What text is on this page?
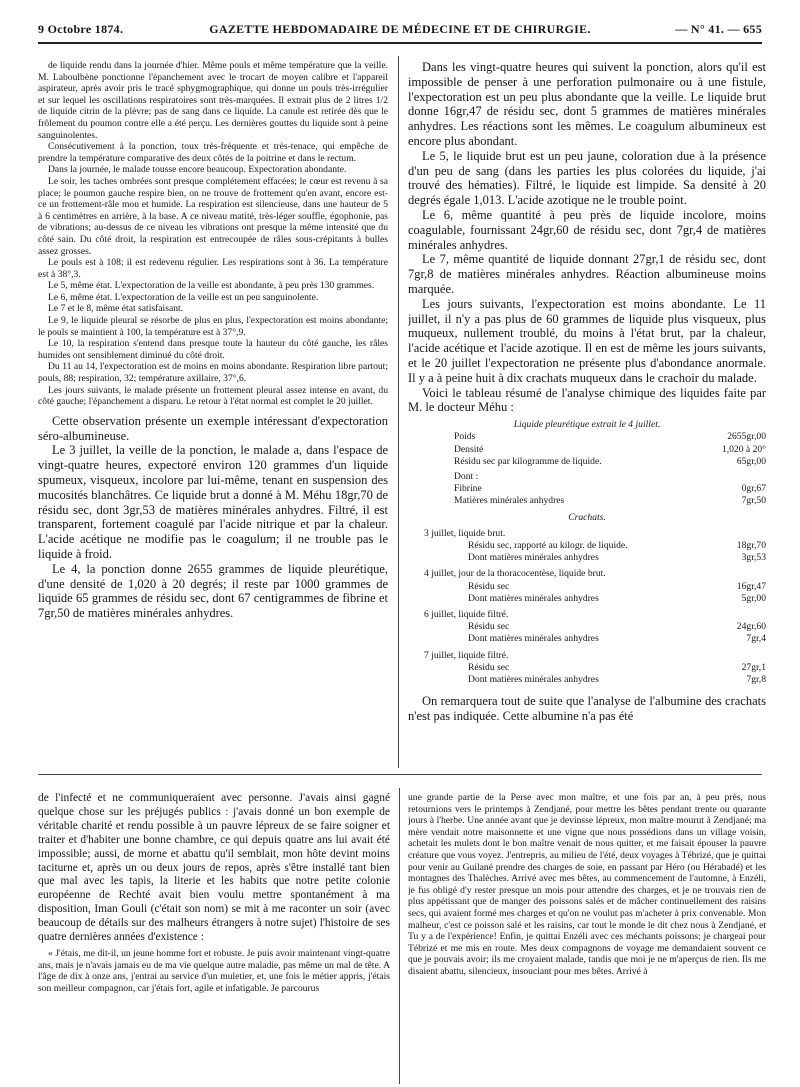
9 Octobre 1874.	GAZETTE HEBDOMADAIRE DE MÉDECINE ET DE CHIRURGIE.	— N° 41. — 655

de liquide rendu dans la journée d'hier. Même pouls et même température que la veille. M. Laboulbène ponctionne l'épanchement avec le trocart de moyen calibre et l'appareil aspirateur, après avoir pris le tracé sphygmographique, qui donne un pouls très-irrégulier et sur lequel les oscillations respiratoires sont très-marquées. Il extrait plus de 2 litres 1/2 de liquide citrin de la plèvre; pas de sang dans ce liquide. La canule est retirée dès que le frôlement du poumon contre elle a été perçu. Les dernières gouttes du liquide sont à peine sanguinolentes.

Consécutivement à la ponction, toux très-fréquente et très-tenace, qui empêche de prendre la température comparative des deux côtés de la poitrine et dans le rectum.

Dans la journée, le malade tousse encore beaucoup. Expectoration abondante.

Le soir, les taches ombrées sont presque complétement effacées; le cœur est revenu à sa place; le poumon gauche respire bien, on ne trouve de frottement qu'en avant, encore est-ce un frottement-râle mou et humide. La respiration est silencieuse, dans une hauteur de 5 à 6 centimètres en arrière, à la base. A ce niveau matité, très-léger souffle, égophonie, pas de vibrations; au-dessus de ce niveau les vibrations ont presque la même intensité que du côté sain. Du côté droit, la respiration est entrecoupée de râles sous-crépitants à bulles assez grosses.

Le pouls est à 108; il est redevenu régulier. Les respirations sont à 36. La température est à 38°,3.

Le 5, même état. L'expectoration de la veille est abondante, à peu près 130 grammes.

Le 6, même état. L'expectoration de la veille est un peu sanguinolente.

Le 7 et le 8, même état satisfaisant.

Le 9, le liquide pleural se résorbe de plus en plus, l'expectoration est moins abondante; le pouls se maintient à 100, la température est à 37°,9.

Le 10, la respiration s'entend dans presque toute la hauteur du côté gauche, les râles humides ont sensiblement diminué du côté droit.

Du 11 au 14, l'expectoration est de moins en moins abondante. Respiration libre partout; pouls, 88; respiration, 32; température axillaire, 37°,6.

Les jours suivants, le malade présente un frottement pleural assez intense en avant, du côté gauche; l'épanchement a disparu. Le retour à l'état normal est complet le 20 juillet.

Cette observation présente un exemple intéressant d'expectoration séro-albumineuse.

Le 3 juillet, la veille de la ponction, le malade a, dans l'espace de vingt-quatre heures, expectoré environ 120 grammes d'un liquide spumeux, visqueux, incolore par lui-même, tenant en suspension des mucosités blanchâtres. Ce liquide brut a donné à M. Méhu 18gr,70 de résidu sec, dont 3gr,53 de matières minérales anhydres. Filtré, il est transparent, fortement coagulé par l'acide nitrique et par la chaleur. L'acide acétique ne modifie pas le coagulum; il ne trouble pas le liquide à froid.

Le 4, la ponction donne 2655 grammes de liquide pleurétique, d'une densité de 1,020 à 20 degrés; il reste par 1000 grammes de liquide 65 grammes de résidu sec, dont 67 centigrammes de fibrine et 7gr,50 de matières minérales anhydres.

Dans les vingt-quatre heures qui suivent la ponction, alors qu'il est impossible de penser à une perforation pulmonaire ou à une fistule, l'expectoration est un peu plus abondante que la veille. Le liquide brut donne 16gr,47 de résidu sec, dont 5 grammes de matières minérales anhydres. Les réactions sont les mêmes. Le coagulum albumineux est encore plus abondant.

Le 5, le liquide brut est un peu jaune, coloration due à la présence d'un peu de sang (dans les parties les plus colorées du liquide, j'ai trouvé des hématies). Filtré, le liquide est limpide. Sa densité à 20 degrés égale 1,013. L'acide azotique ne le trouble point.

Le 6, même quantité à peu près de liquide incolore, moins coagulable, fournissant 24gr,60 de résidu sec, dont 7gr,4 de matières minérales anhydres.

Le 7, même quantité de liquide donnant 27gr,1 de résidu sec, dont 7gr,8 de matières minérales anhydres. Réaction albumineuse moins marquée.

Les jours suivants, l'expectoration est moins abondante. Le 11 juillet, il n'y a pas plus de 60 grammes de liquide plus visqueux, plus muqueux, nullement troublé, du moins à l'état brut, par la chaleur, l'acide acétique et l'acide azotique. Il en est de même les jours suivants, et le 20 juillet l'expectoration ne présente plus d'abondance anormale. Il y a à peine huit à dix crachats muqueux dans le crachoir du malade.

Voici le tableau résumé de l'analyse chimique des liquides faite par M. le docteur Méhu :

Liquide pleurétique extrait le 4 juillet.
Poids	2655gr,00
Densité	1,020 à 20°
Résidu sec par kilogramme de liquide.	65gr,00
Dont :
Fibrine	0gr,67
Matières minérales anhydres	7gr,50
Crachats.
3 juillet, liquide brut.
Résidu sec, rapporté au kilogr. de liquide.	18gr,70
Dont matières minérales anhydres	3gr,53
4 juillet, jour de la thoracocentèse, liquide brut.
Résidu sec	16gr,47
Dont matières minérales anhydres	5gr,00
6 juillet, liquide filtré.
Résidu sec	24gr,60
Dont matières minérales anhydres	7gr,4
7 juillet, liquide filtré.
Résidu sec	27gr,1
Dont matières minérales anhydres	7gr,8

On remarquera tout de suite que l'analyse de l'albumine des crachats n'est pas indiquée. Cette albumine n'a pas été

de l'infecté et ne communiqueraient avec personne. J'avais ainsi gagné quelque chose sur les préjugés publics : j'avais donné un bon exemple de véritable charité et rendu possible à un pauvre lépreux de se faire soigner et traiter et d'habiter une bonne chambre, ce qui depuis quatre ans lui avait été impossible; aussi, de morne et abattu qu'il semblait, mon hôte devint moins taciturne et, après un ou deux jours de repos, après s'être installé tant bien que mal avec les tapis, la literie et les habits que notre petite colonie européenne de Rechté avait bien voulu mettre spontanément à ma disposition, Iman Gouli (c'était son nom) se mit à me raconter un soir (avec beaucoup de détails sur des malheurs étrangers à notre sujet) l'histoire de ses quatre dernières années d'existence :

« J'étais, me dit-il, un jeune homme fort et robuste. Je puis avoir maintenant vingt-quatre ans, mais je n'avais jamais eu de ma vie quelque autre maladie, pas même un mal de tête. A l'âge de dix à onze ans, j'entrai au service d'un muletier, et, une fois le métier appris, j'étais son meilleur compagnon, car j'étais fort, agile et infatigable. Je parcourus

une grande partie de la Perse avec mon maître, et une fois par an, à peu près, nous retournions vers le printemps à Zendjané, pour mettre les bêtes pendant trente ou quarante jours à l'herbe. Une année avant que je devinsse lépreux, mon maître mourut à Zendjané; ma mère vendait notre maisonnette et une vigne que nous possédions dans un village voisin, achetait les mulets dont le bon maître venait de nous quitter, et me faisait épouser la pauvre créature que vous voyez. J'entrepris, au milieu de l'été, deux voyages à Tébrizé, que je quittai pour venir au Guilané prendre des charges de soie, en passant par Héro (ou Hérabadé) et les montagnes des Thalèches. Arrivé avec mes bêtes, au commencement de l'automne, à Enzéli, je fus obligé d'y rester presque un mois pour attendre des charges, et je ne trouvais rien de plus appétissant que de manger des poissons salés et de mâcher continuellement des raisins secs, qui avaient formé mes charges et qu'on ne voulut pas m'acheter à prix convenable. Mon malheur, c'est ce poisson salé et les raisins, car tout le monde le dit chez nous à Zendjané, et Tu y a de l'expérience! Enfin, je quittai Enzéli avec ces méchants poissons; je chargeai pour Tébrizé et me mis en route. Mes deux compagnons de voyage me demandaient souvent ce que je pouvais avoir; ils me croyaient malade, tandis que moi je ne m'aperçus de rien. Ils me disaient abattu, silencieux, insouciant pour mes bêtes. Arrivé à
